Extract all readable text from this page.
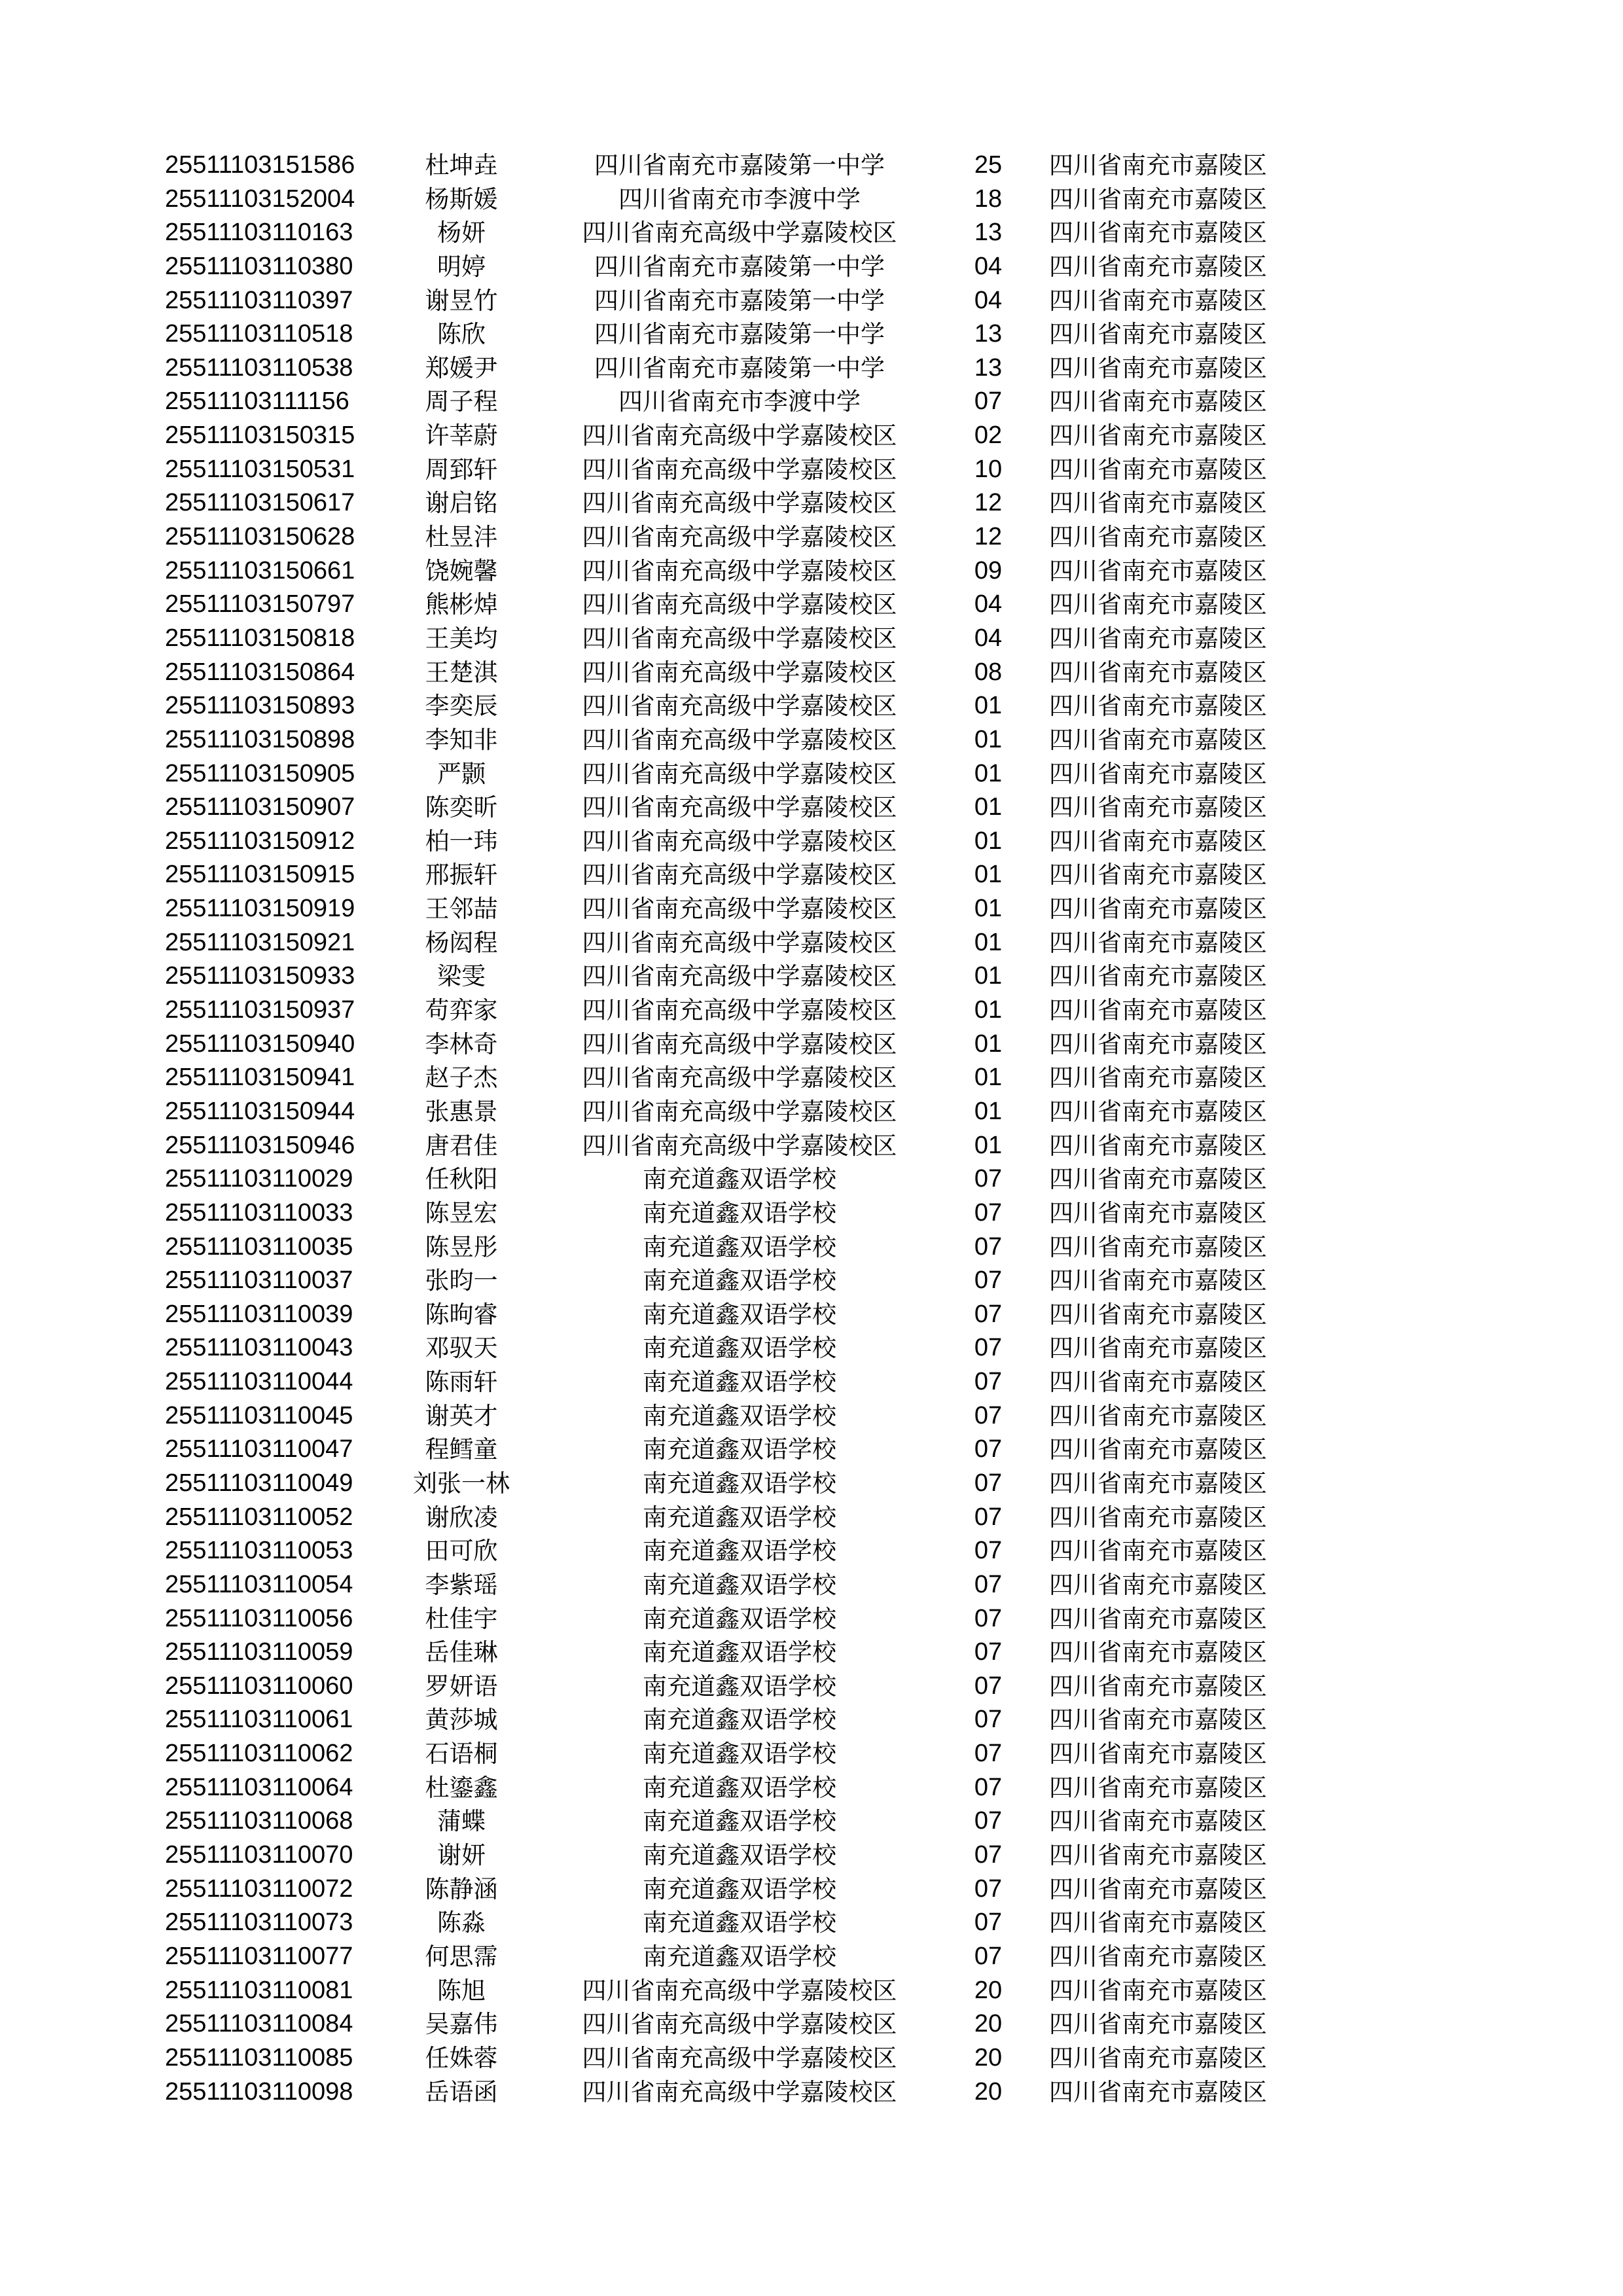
25511103151586	杜坤垚	四川省南充市嘉陵第一中学	25	四川省南充市嘉陵区
25511103152004	杨斯媛	四川省南充市李渡中学	18	四川省南充市嘉陵区
25511103110163	杨妍	四川省南充高级中学嘉陵校区	13	四川省南充市嘉陵区
25511103110380	明婷	四川省南充市嘉陵第一中学	04	四川省南充市嘉陵区
25511103110397	谢昱竹	四川省南充市嘉陵第一中学	04	四川省南充市嘉陵区
25511103110518	陈欣	四川省南充市嘉陵第一中学	13	四川省南充市嘉陵区
25511103110538	郑媛尹	四川省南充市嘉陵第一中学	13	四川省南充市嘉陵区
25511103111156	周子程	四川省南充市李渡中学	07	四川省南充市嘉陵区
25511103150315	许莘蔚	四川省南充高级中学嘉陵校区	02	四川省南充市嘉陵区
25511103150531	周郅轩	四川省南充高级中学嘉陵校区	10	四川省南充市嘉陵区
25511103150617	谢启铭	四川省南充高级中学嘉陵校区	12	四川省南充市嘉陵区
25511103150628	杜昱沣	四川省南充高级中学嘉陵校区	12	四川省南充市嘉陵区
25511103150661	饶婉馨	四川省南充高级中学嘉陵校区	09	四川省南充市嘉陵区
25511103150797	熊彬焯	四川省南充高级中学嘉陵校区	04	四川省南充市嘉陵区
25511103150818	王美均	四川省南充高级中学嘉陵校区	04	四川省南充市嘉陵区
25511103150864	王楚淇	四川省南充高级中学嘉陵校区	08	四川省南充市嘉陵区
25511103150893	李奕辰	四川省南充高级中学嘉陵校区	01	四川省南充市嘉陵区
25511103150898	李知非	四川省南充高级中学嘉陵校区	01	四川省南充市嘉陵区
25511103150905	严颢	四川省南充高级中学嘉陵校区	01	四川省南充市嘉陵区
25511103150907	陈奕昕	四川省南充高级中学嘉陵校区	01	四川省南充市嘉陵区
25511103150912	柏一玮	四川省南充高级中学嘉陵校区	01	四川省南充市嘉陵区
25511103150915	邢振轩	四川省南充高级中学嘉陵校区	01	四川省南充市嘉陵区
25511103150919	王邻喆	四川省南充高级中学嘉陵校区	01	四川省南充市嘉陵区
25511103150921	杨闳程	四川省南充高级中学嘉陵校区	01	四川省南充市嘉陵区
25511103150933	梁雯	四川省南充高级中学嘉陵校区	01	四川省南充市嘉陵区
25511103150937	苟弈家	四川省南充高级中学嘉陵校区	01	四川省南充市嘉陵区
25511103150940	李林奇	四川省南充高级中学嘉陵校区	01	四川省南充市嘉陵区
25511103150941	赵子杰	四川省南充高级中学嘉陵校区	01	四川省南充市嘉陵区
25511103150944	张惠景	四川省南充高级中学嘉陵校区	01	四川省南充市嘉陵区
25511103150946	唐君佳	四川省南充高级中学嘉陵校区	01	四川省南充市嘉陵区
25511103110029	任秋阳	南充道鑫双语学校	07	四川省南充市嘉陵区
25511103110033	陈昱宏	南充道鑫双语学校	07	四川省南充市嘉陵区
25511103110035	陈昱彤	南充道鑫双语学校	07	四川省南充市嘉陵区
25511103110037	张昀一	南充道鑫双语学校	07	四川省南充市嘉陵区
25511103110039	陈昫睿	南充道鑫双语学校	07	四川省南充市嘉陵区
25511103110043	邓驭天	南充道鑫双语学校	07	四川省南充市嘉陵区
25511103110044	陈雨轩	南充道鑫双语学校	07	四川省南充市嘉陵区
25511103110045	谢英才	南充道鑫双语学校	07	四川省南充市嘉陵区
25511103110047	程鳕童	南充道鑫双语学校	07	四川省南充市嘉陵区
25511103110049	刘张一林	南充道鑫双语学校	07	四川省南充市嘉陵区
25511103110052	谢欣凌	南充道鑫双语学校	07	四川省南充市嘉陵区
25511103110053	田可欣	南充道鑫双语学校	07	四川省南充市嘉陵区
25511103110054	李紫瑶	南充道鑫双语学校	07	四川省南充市嘉陵区
25511103110056	杜佳宇	南充道鑫双语学校	07	四川省南充市嘉陵区
25511103110059	岳佳琳	南充道鑫双语学校	07	四川省南充市嘉陵区
25511103110060	罗妍语	南充道鑫双语学校	07	四川省南充市嘉陵区
25511103110061	黄莎城	南充道鑫双语学校	07	四川省南充市嘉陵区
25511103110062	石语桐	南充道鑫双语学校	07	四川省南充市嘉陵区
25511103110064	杜鎏鑫	南充道鑫双语学校	07	四川省南充市嘉陵区
25511103110068	蒲蝶	南充道鑫双语学校	07	四川省南充市嘉陵区
25511103110070	谢妍	南充道鑫双语学校	07	四川省南充市嘉陵区
25511103110072	陈静涵	南充道鑫双语学校	07	四川省南充市嘉陵区
25511103110073	陈淼	南充道鑫双语学校	07	四川省南充市嘉陵区
25511103110077	何思霈	南充道鑫双语学校	07	四川省南充市嘉陵区
25511103110081	陈旭	四川省南充高级中学嘉陵校区	20	四川省南充市嘉陵区
25511103110084	吴嘉伟	四川省南充高级中学嘉陵校区	20	四川省南充市嘉陵区
25511103110085	任姝蓉	四川省南充高级中学嘉陵校区	20	四川省南充市嘉陵区
25511103110098	岳语函	四川省南充高级中学嘉陵校区	20	四川省南充市嘉陵区
